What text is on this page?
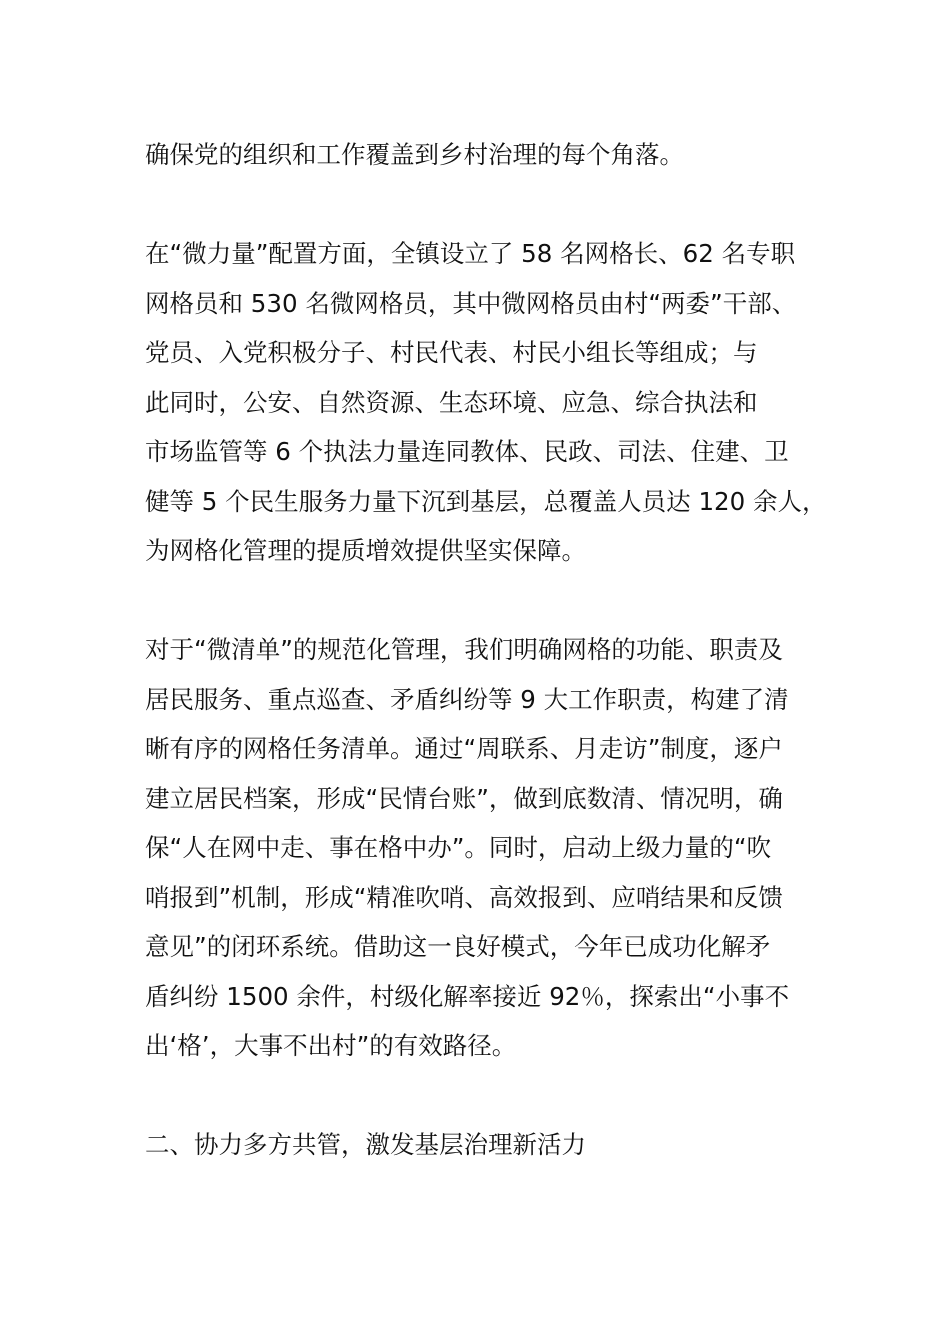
确保党的组织和工作覆盖到乡村治理的每个角落。
在“微力量”配置方面，全镇设立了 58 名网格长、62 名专职
网格员和 530 名微网格员，其中微网格员由村“两委”干部、
党员、入党积极分子、村民代表、村民小组长等组成；与
此同时，公安、自然资源、生态环境、应急、综合执法和
市场监管等 6 个执法力量连同教体、民政、司法、住建、卫
健等 5 个民生服务力量下沉到基层，总覆盖人员达 120 余人，
为网格化管理的提质增效提供坚实保障。
对于“微清单”的规范化管理，我们明确网格的功能、职责及
居民服务、重点巡查、矛盾纠纷等 9 大工作职责，构建了清
晰有序的网格任务清单。通过“周联系、月走访”制度，逐户
建立居民档案，形成“民情台账”，做到底数清、情况明，确
保“人在网中走、事在格中办”。同时，启动上级力量的“吹
哨报到”机制，形成“精准吹哨、高效报到、应哨结果和反馈
意见”的闭环系统。借助这一良好模式，今年已成功化解矛
盾纠纷 1500 余件，村级化解率接近 92％，探索出“小事不
出‘格’，大事不出村”的有效路径。
二、协力多方共管，激发基层治理新活力
